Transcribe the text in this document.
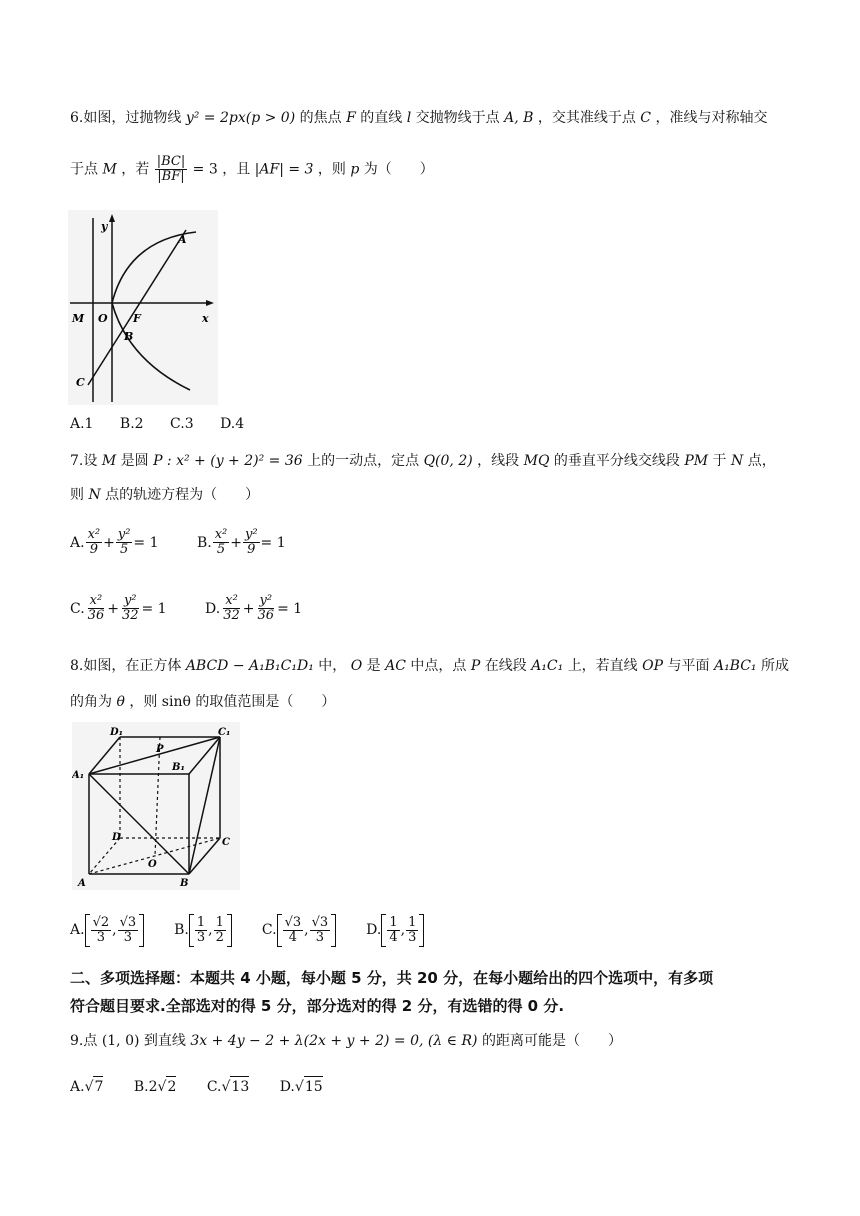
6.如图，过抛物线 y² = 2px(p > 0) 的焦点 F 的直线 l 交抛物线于点 A, B ，交其准线于点 C ，准线与对称轴交
于点 M ，若 $\frac{|BC|}{|BF|} = 3$ ，且 |AF| = 3 ，则 p 为（　　）
y
x
A
B
C
M O F
A.1 B.2 C.3 D.4
7.设 M 是圆 P : x² + (y + 2)² = 36 上的一动点，定点 Q(0, 2) ，线段 MQ 的垂直平分线交线段 PM 于 N 点，
则 N 点的轨迹方程为（　　）
A. $\frac{\text{x²}}{9} + \frac{\text{y²}}{5} = 1$
	B. $\frac{\text{x²}}{5} + \frac{\text{y²}}{9} = 1$
C. $\frac{\text{x²}}{36} + \frac{\text{y²}}{32} = 1$
	D. $\frac{\text{x²}}{32} + \frac{\text{y²}}{36} = 1$
8.如图，在正方体 ABCD − A₁B₁C₁D₁ 中， O 是 AC 中点，点 P 在线段 A₁C₁ 上，若直线 OP 与平面 A₁BC₁ 所成
的角为 θ ，则 sinθ 的取值范围是（　　）
D₁
P
C₁
A₁
B₁
D	C
O
A	B
A. $\frac{√2}{3}$ , $\frac{√3}{3}$	B. $\frac{1}{3}$ , $\frac{1}{2}$	C. $\frac{√3}{4}$ , $\frac{√3}{3}$	D. $\frac{1}{4}$ , $\frac{1}{3}$
二、多项选择题：本题共 4 小题，每小题 5 分，共 20 分，在每小题给出的四个选项中，有多项
符合题目要求.全部选对的得 5 分，部分选对的得 2 分，有选错的得 0 分.
9.点 (1, 0) 到直线 3x + 4y − 2 + λ(2x + y + 2) = 0, (λ ∈ R) 的距离可能是（　　）
A. √ 7
B. 2 √ 2
C. √ 13
D. √ 15
